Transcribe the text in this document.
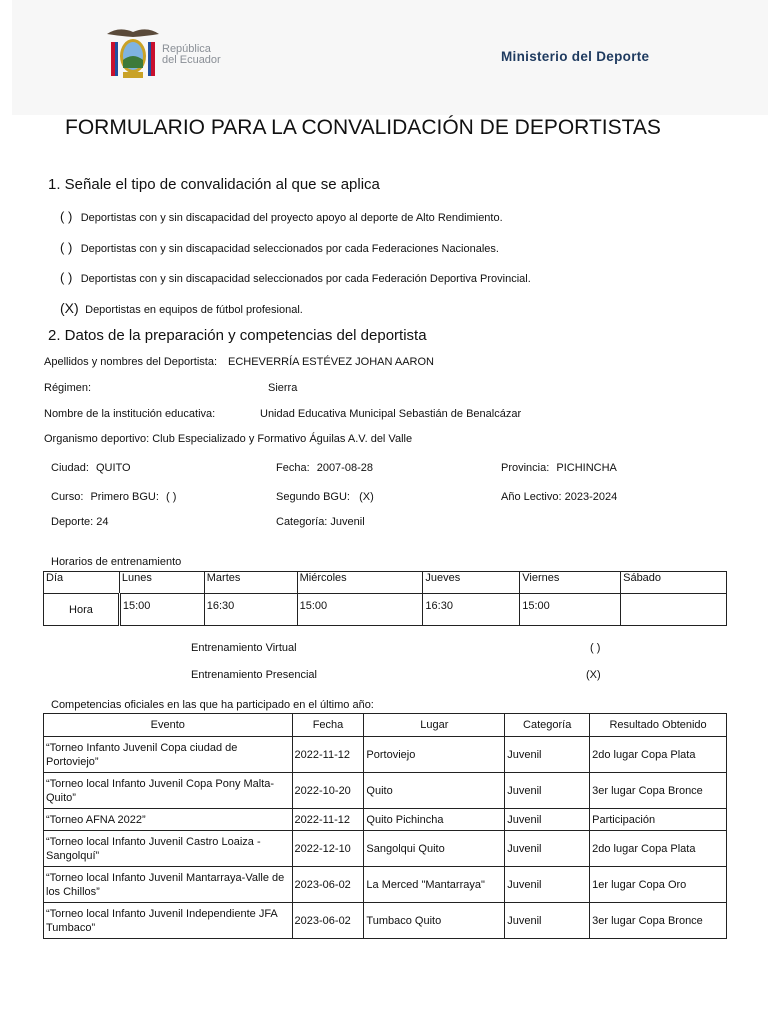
República
del Ecuador	Ministerio del Deporte
FORMULARIO PARA LA CONVALIDACIÓN DE DEPORTISTAS
1. Señale el tipo de convalidación al que se aplica
( ) Deportistas con y sin discapacidad del proyecto apoyo al deporte de Alto Rendimiento.
( ) Deportistas con y sin discapacidad seleccionados por cada Federaciones Nacionales.
( ) Deportistas con y sin discapacidad seleccionados por cada Federación Deportiva Provincial.
(X) Deportistas en equipos de fútbol profesional.
2. Datos de la preparación y competencias del deportista
Apellidos y nombres del Deportista: ECHEVERRÍA ESTÉVEZ JOHAN AARON
Régimen:	Sierra
Nombre de la institución educativa:	Unidad Educativa Municipal Sebastián de Benalcázar
Organismo deportivo: Club Especializado y Formativo Águilas A.V. del Valle
Ciudad: QUITO	Fecha: 2007-08-28	Provincia: PICHINCHA
Curso: Primero BGU: ( )	Segundo BGU: (X)	Año Lectivo: 2023-2024
Deporte: 24	Categoría: Juvenil
Horarios de entrenamiento
Día	Lunes	Martes	Miércoles	Jueves	Viernes	Sábado
Hora	15:00	16:30	15:00	16:30	15:00	
Entrenamiento Virtual	( )
Entrenamiento Presencial	(X)
Competencias oficiales en las que ha participado en el último año:
Evento	Fecha	Lugar	Categoría	Resultado Obtenido
“Torneo Infanto Juvenil Copa ciudad de Portoviejo”	2022-11-12	Portoviejo	Juvenil	2do lugar Copa Plata
“Torneo local Infanto Juvenil Copa Pony Malta-Quito”	2022-10-20	Quito	Juvenil	3er lugar Copa Bronce
“Torneo AFNA 2022”	2022-11-12	Quito Pichincha	Juvenil	Participación
“Torneo local Infanto Juvenil Castro Loaiza - Sangolquí”	2022-12-10	Sangolqui Quito	Juvenil	2do lugar Copa Plata
“Torneo local Infanto Juvenil Mantarraya-Valle de los Chillos”	2023-06-02	La Merced "Mantarraya"	Juvenil	1er lugar Copa Oro
“Torneo local Infanto Juvenil Independiente JFA Tumbaco”	2023-06-02	Tumbaco Quito	Juvenil	3er lugar Copa Bronce
